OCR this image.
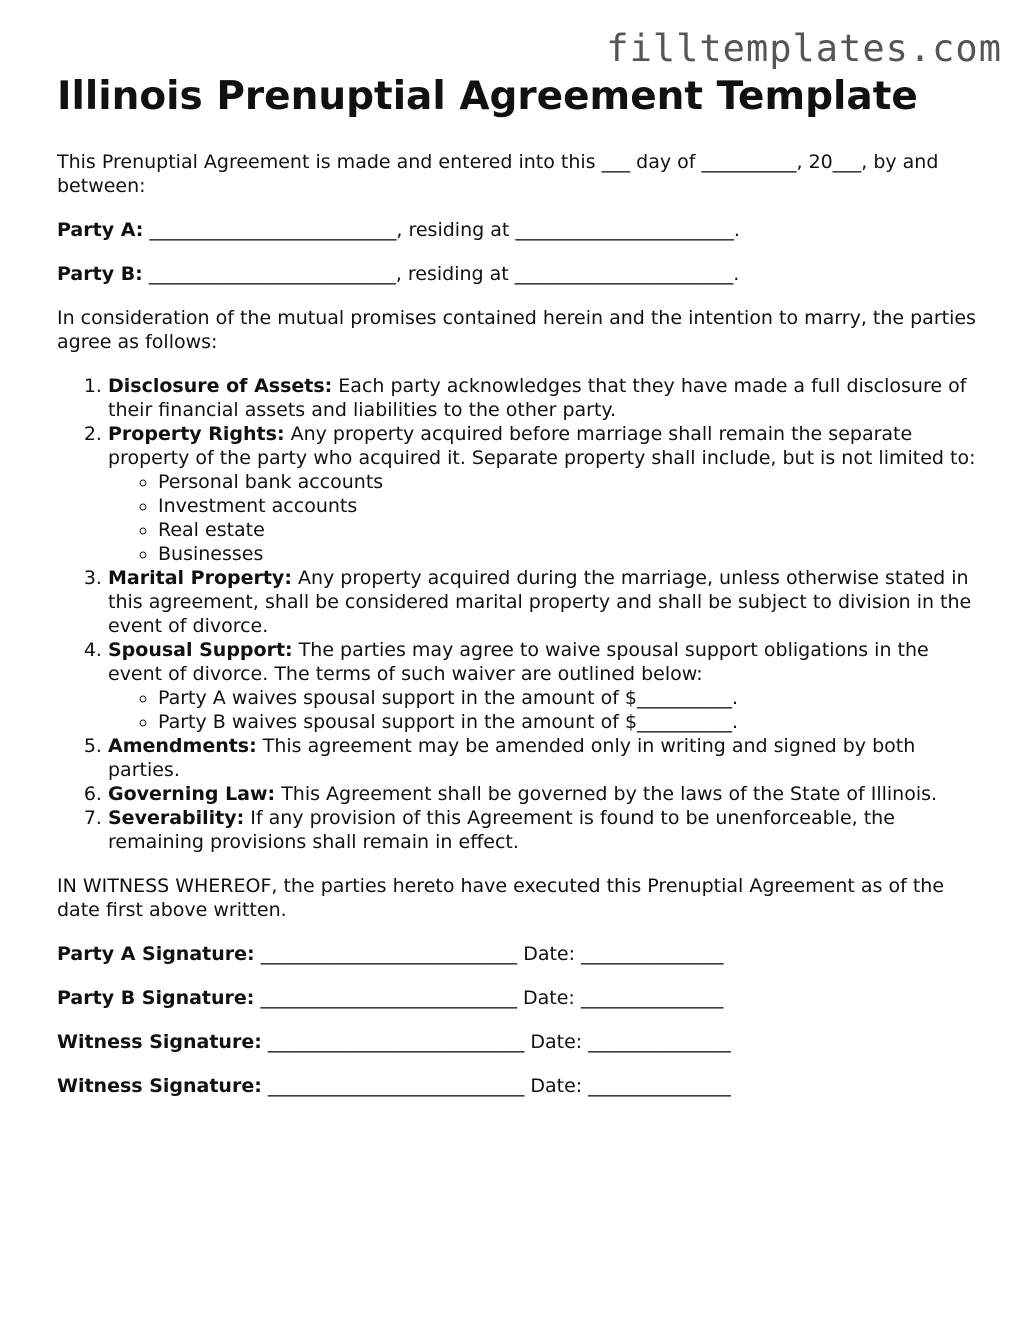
filltemplates.com
Illinois Prenuptial Agreement Template

This Prenuptial Agreement is made and entered into this ___ day of __________, 20___, by and between:

Party A: __________________________, residing at _______________________.

Party B: __________________________, residing at _______________________.

In consideration of the mutual promises contained herein and the intention to marry, the parties agree as follows:

1. Disclosure of Assets: Each party acknowledges that they have made a full disclosure of their financial assets and liabilities to the other party.
2. Property Rights: Any property acquired before marriage shall remain the separate property of the party who acquired it. Separate property shall include, but is not limited to:
◦ Personal bank accounts
◦ Investment accounts
◦ Real estate
◦ Businesses
3. Marital Property: Any property acquired during the marriage, unless otherwise stated in this agreement, shall be considered marital property and shall be subject to division in the event of divorce.
4. Spousal Support: The parties may agree to waive spousal support obligations in the event of divorce. The terms of such waiver are outlined below:
◦ Party A waives spousal support in the amount of $__________.
◦ Party B waives spousal support in the amount of $__________.
5. Amendments: This agreement may be amended only in writing and signed by both parties.
6. Governing Law: This Agreement shall be governed by the laws of the State of Illinois.
7. Severability: If any provision of this Agreement is found to be unenforceable, the remaining provisions shall remain in effect.

IN WITNESS WHEREOF, the parties hereto have executed this Prenuptial Agreement as of the date first above written.

Party A Signature: ___________________________ Date: _______________

Party B Signature: ___________________________ Date: _______________

Witness Signature: ___________________________ Date: _______________

Witness Signature: ___________________________ Date: _______________
